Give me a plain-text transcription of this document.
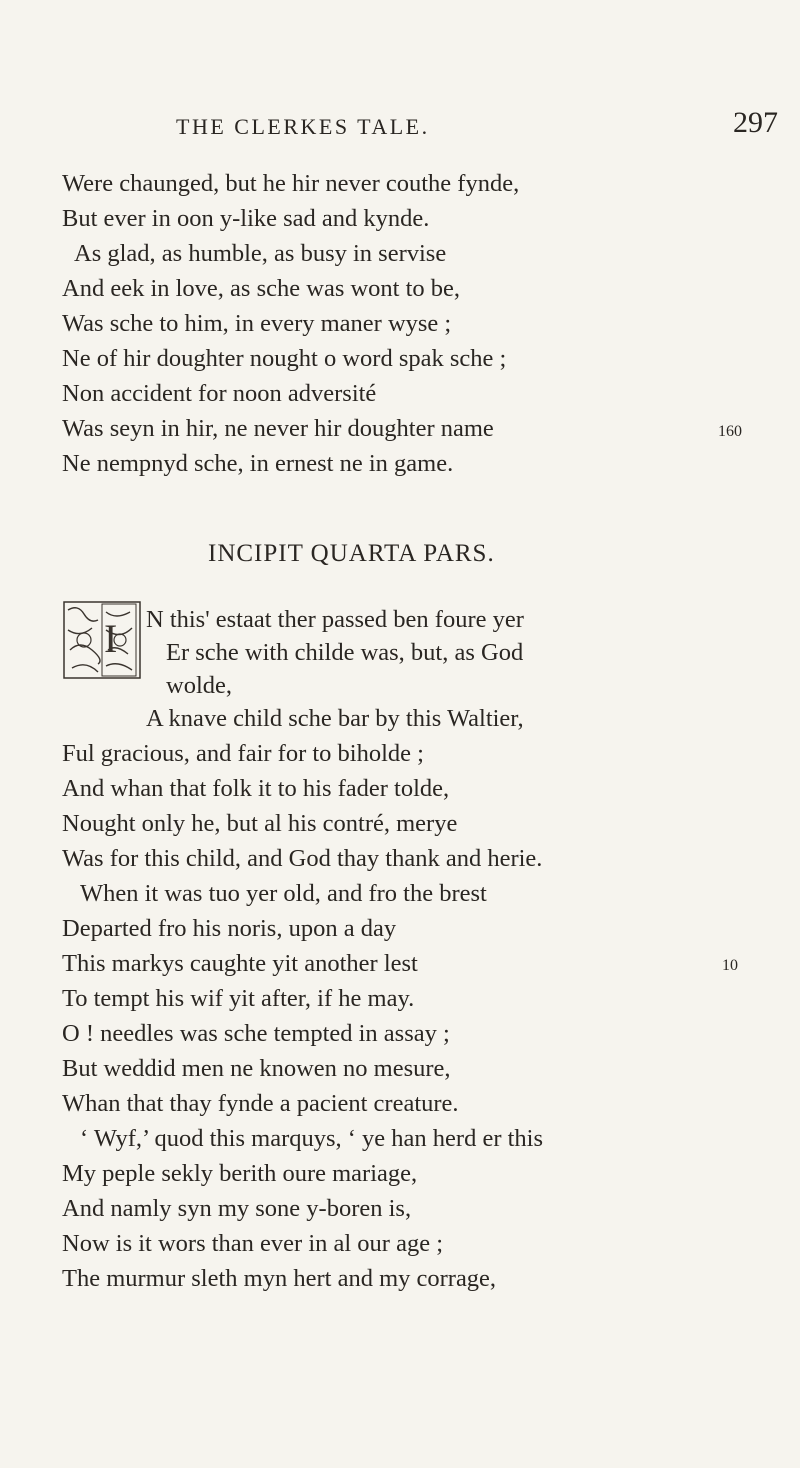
THE CLERKES TALE.	297
Were chaunged, but he hir never couthe fynde,
But ever in oon y-like sad and kynde.
As glad, as humble, as busy in servise
And eek in love, as sche was wont to be,
Was sche to him, in every maner wyse ;
Ne of hir doughter nought o word spak sche ;
Non accident for noon adversité
Was seyn in hir, ne never hir doughter name	160
Ne nempnyd sche, in ernest ne in game.
INCIPIT QUARTA PARS.
I N this' estaat ther passed ben foure yer
Er sche with childe was, but, as God
wolde,
A knave child sche bar by this Waltier,
Ful gracious, and fair for to biholde ;
And whan that folk it to his fader tolde,
Nought only he, but al his contré, merye
Was for this child, and God thay thank and herie.
When it was tuo yer old, and fro the brest
Departed fro his noris, upon a day
This markys caughte yit another lest	10
To tempt his wif yit after, if he may.
O ! needles was sche tempted in assay ;
But weddid men ne knowen no mesure,
Whan that thay fynde a pacient creature.
‘ Wyf,’ quod this marquys, ‘ ye han herd er this
My peple sekly berith oure mariage,
And namly syn my sone y-boren is,
Now is it wors than ever in al our age ;
The murmur sleth myn hert and my corrage,
